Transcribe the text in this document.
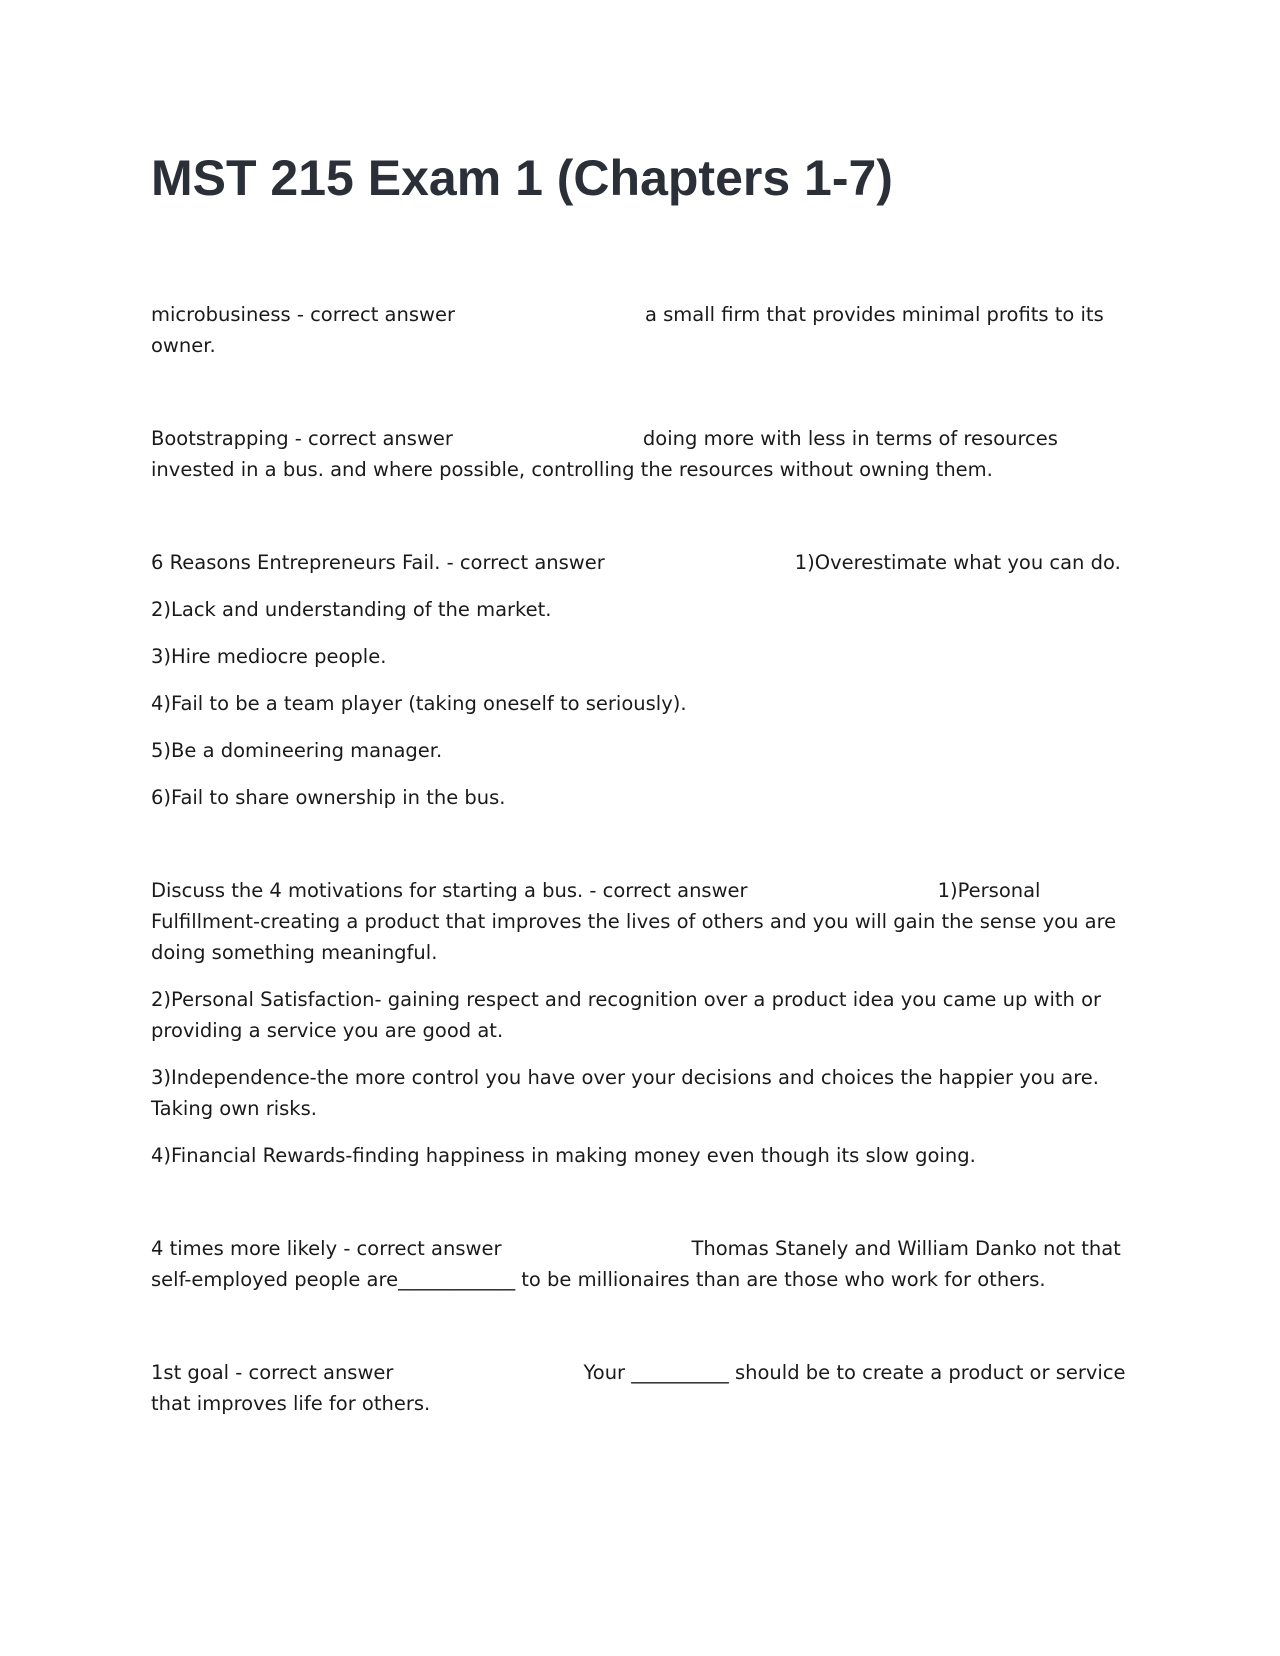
MST 215 Exam 1 (Chapters 1-7)

microbusiness - correct answer	a small firm that provides minimal profits to its owner.

Bootstrapping - correct answer	doing more with less in terms of resources invested in a bus. and where possible, controlling the resources without owning them.

6 Reasons Entrepreneurs Fail. - correct answer	1)Overestimate what you can do.

2)Lack and understanding of the market.

3)Hire mediocre people.

4)Fail to be a team player (taking oneself to seriously).

5)Be a domineering manager.

6)Fail to share ownership in the bus.

Discuss the 4 motivations for starting a bus. - correct answer	1)Personal Fulfillment-creating a product that improves the lives of others and you will gain the sense you are doing something meaningful.

2)Personal Satisfaction- gaining respect and recognition over a product idea you came up with or providing a service you are good at.

3)Independence-the more control you have over your decisions and choices the happier you are. Taking own risks.

4)Financial Rewards-finding happiness in making money even though its slow going.

4 times more likely - correct answer	Thomas Stanely and William Danko not that self-employed people are____________ to be millionaires than are those who work for others.

1st goal - correct answer	Your __________ should be to create a product or service that improves life for others.
